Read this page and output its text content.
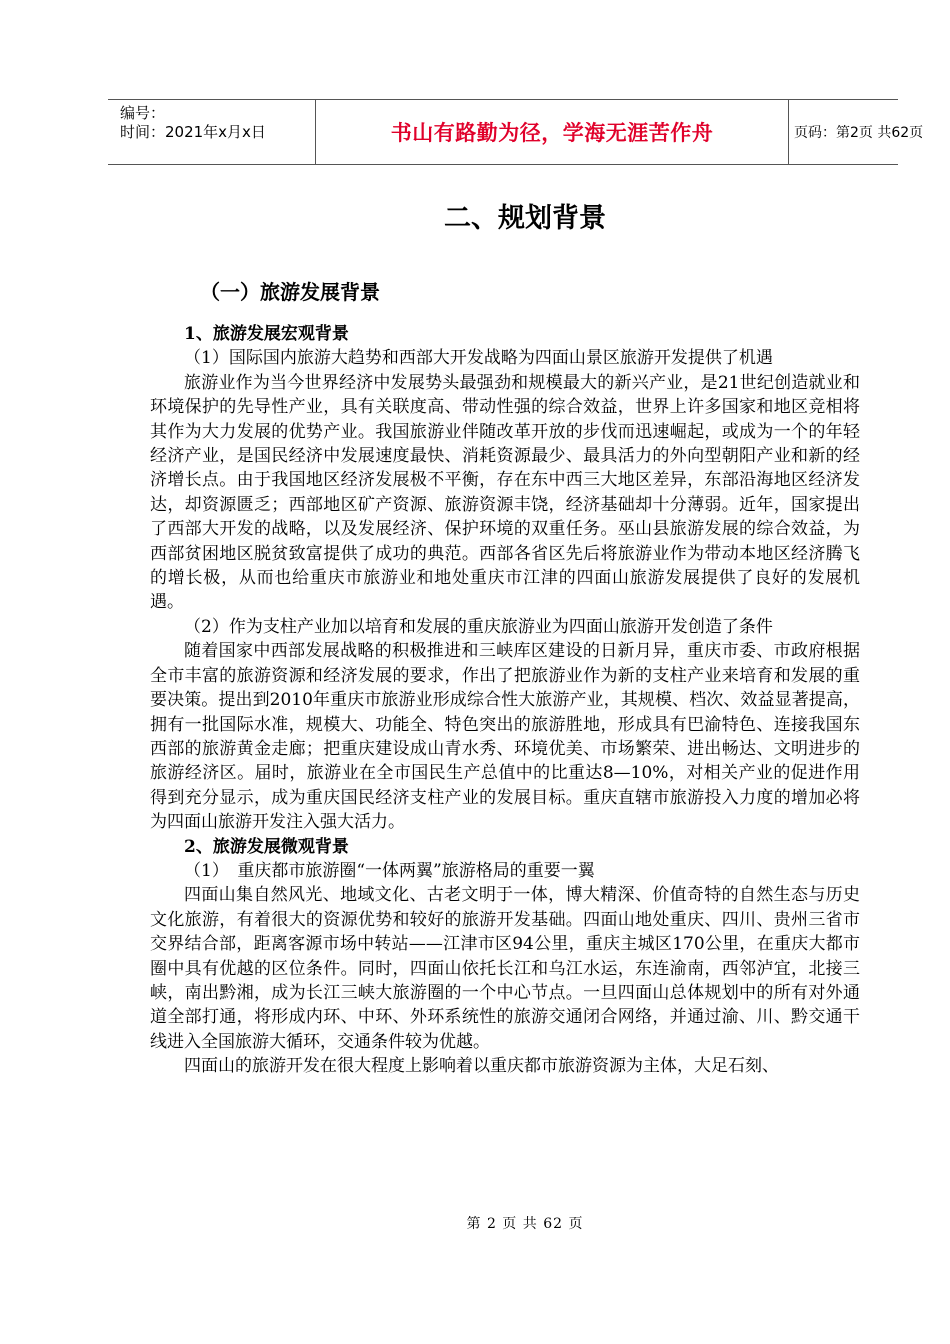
编号：
时间：2021年x月x日	书山有路勤为径，学海无涯苦作舟	页码：第2页 共62页
二、规划背景
（一）旅游发展背景

1、旅游发展宏观背景

（1）国际国内旅游大趋势和西部大开发战略为四面山景区旅游开发提供了机遇

旅游业作为当今世界经济中发展势头最强劲和规模最大的新兴产业，是21世纪创造就业和环境保护的先导性产业，具有关联度高、带动性强的综合效益，世界上许多国家和地区竞相将其作为大力发展的优势产业。我国旅游业伴随改革开放的步伐而迅速崛起，或成为一个的年轻经济产业，是国民经济中发展速度最快、消耗资源最少、最具活力的外向型朝阳产业和新的经济增长点。由于我国地区经济发展极不平衡，存在东中西三大地区差异，东部沿海地区经济发达，却资源匮乏；西部地区矿产资源、旅游资源丰饶，经济基础却十分薄弱。近年，国家提出了西部大开发的战略，以及发展经济、保护环境的双重任务。巫山县旅游发展的综合效益，为西部贫困地区脱贫致富提供了成功的典范。西部各省区先后将旅游业作为带动本地区经济腾飞的增长极，从而也给重庆市旅游业和地处重庆市江津的四面山旅游发展提供了良好的发展机遇。

（2）作为支柱产业加以培育和发展的重庆旅游业为四面山旅游开发创造了条件

随着国家中西部发展战略的积极推进和三峡库区建设的日新月异，重庆市委、市政府根据全市丰富的旅游资源和经济发展的要求，作出了把旅游业作为新的支柱产业来培育和发展的重要决策。提出到2010年重庆市旅游业形成综合性大旅游产业，其规模、档次、效益显著提高，拥有一批国际水准，规模大、功能全、特色突出的旅游胜地，形成具有巴渝特色、连接我国东西部的旅游黄金走廊；把重庆建设成山青水秀、环境优美、市场繁荣、进出畅达、文明进步的旅游经济区。届时，旅游业在全市国民生产总值中的比重达8—10%，对相关产业的促进作用得到充分显示，成为重庆国民经济支柱产业的发展目标。重庆直辖市旅游投入力度的增加必将为四面山旅游开发注入强大活力。

2、旅游发展微观背景

（1）　重庆都市旅游圈“一体两翼”旅游格局的重要一翼

四面山集自然风光、地域文化、古老文明于一体，博大精深、价值奇特的自然生态与历史文化旅游，有着很大的资源优势和较好的旅游开发基础。四面山地处重庆、四川、贵州三省市交界结合部，距离客源市场中转站——江津市区94公里，重庆主城区170公里，在重庆大都市圈中具有优越的区位条件。同时，四面山依托长江和乌江水运，东连渝南，西邻泸宜，北接三峡，南出黔湘，成为长江三峡大旅游圈的一个中心节点。一旦四面山总体规划中的所有对外通道全部打通，将形成内环、中环、外环系统性的旅游交通闭合网络，并通过渝、川、黔交通干线进入全国旅游大循环，交通条件较为优越。

四面山的旅游开发在很大程度上影响着以重庆都市旅游资源为主体，大足石刻、

第 2 页 共 62 页
